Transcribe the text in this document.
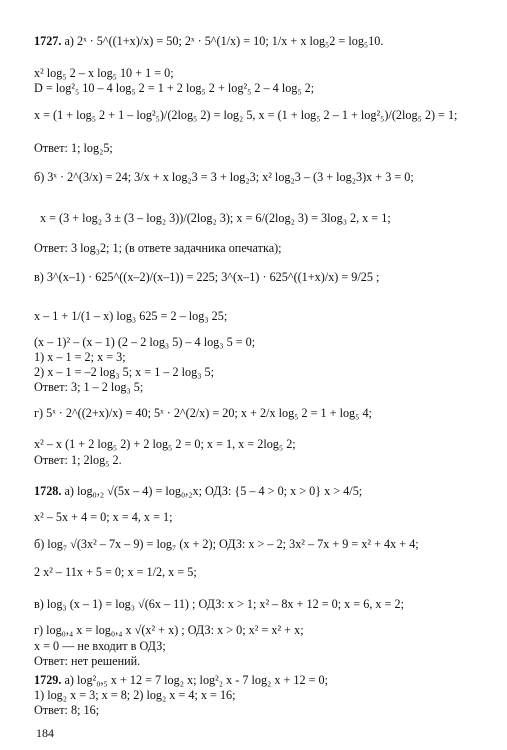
1727. а) 2ˣ · 5^((1+x)/x) = 50; 2ˣ · 5^(1/x) = 10; 1/x + x log₅2 = log₅10.
x² log₅ 2 – x log₅ 10 + 1 = 0;
D = log²₅ 10 – 4 log₅ 2 = 1 + 2 log₅ 2 + log²₅ 2 – 4 log₅ 2;
x = (1 + log₅ 2 + 1 – log²₅)/(2log₅ 2) = log₂ 5, x = (1 + log₅ 2 – 1 + log²₅)/(2log₅ 2) = 1;
Ответ: 1; log₂5;
б) 3ˣ · 2^(3/x) = 24; 3/x + x log₂3 = 3 + log₂3; x² log₂3 – (3 + log₂3)x + 3 = 0;
x = (3 + log₂ 3 ± (3 – log₂ 3))/(2log₂ 3); x = 6/(2log₂ 3) = 3log₃ 2, x = 1;
Ответ: 3 log₃2; 1; (в ответе задачника опечатка);
в) 3^(x–1) · 625^((x–2)/(x–1)) = 225; 3^(x–1) · 625^((1+x)/x) = 9/25 ;
x – 1 + 1/(1 – x) log₃ 625 = 2 – log₃ 25;
(x – 1)² – (x – 1) (2 – 2 log₃ 5) – 4 log₃ 5 = 0;
1) x – 1 = 2; x = 3;
2) x – 1 = –2 log₃ 5; x = 1 – 2 log₃ 5;
Ответ: 3; 1 – 2 log₃ 5;
г) 5ˣ · 2^((2+x)/x) = 40; 5ˣ · 2^(2/x) = 20; x + 2/x log₅ 2 = 1 + log₅ 4;
x² – x (1 + 2 log₅ 2) + 2 log₅ 2 = 0; x = 1, x = 2log₅ 2;
Ответ: 1; 2log₅ 2.
1728. а) log₀,₂ √(5x – 4) = log₀,₂x; ОДЗ: {5 – 4 > 0; x > 0} x > 4/5;
x² – 5x + 4 = 0; x = 4, x = 1;
б) log₇ √(3x² – 7x – 9) = log₇ (x + 2); ОДЗ: x > – 2; 3x² – 7x + 9 = x² + 4x + 4;
2 x² – 11x + 5 = 0; x = 1/2, x = 5;
в) log₃ (x – 1) = log₃ √(6x – 11) ; ОДЗ: x > 1; x² – 8x + 12 = 0; x = 6, x = 2;
г) log₀,₄ x = log₀,₄ x √(x² + x) ; ОДЗ: x > 0; x² = x² + x;
x = 0 — не входит в ОДЗ;
Ответ: нет решений.
1729. а) log²₀,₅ x + 12 = 7 log₂ x; log²₂ x - 7 log₂ x + 12 = 0;
1) log₂ x = 3; x = 8; 2) log₂ x = 4; x = 16;
Ответ: 8; 16;
184
